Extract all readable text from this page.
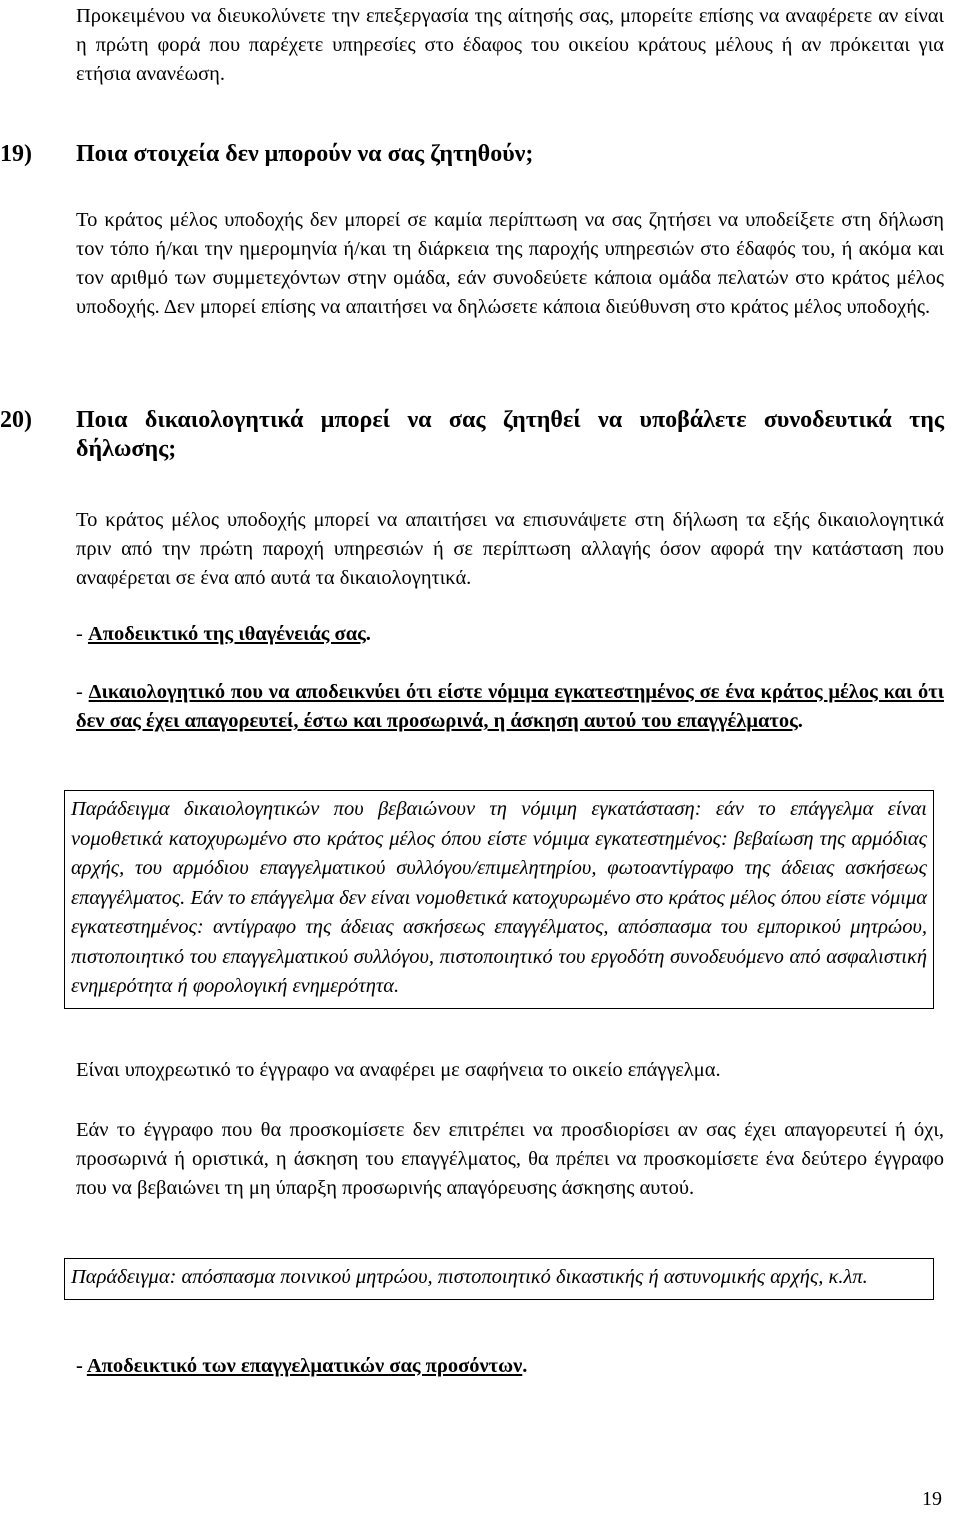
Προκειμένου να διευκολύνετε την επεξεργασία της αίτησής σας, μπορείτε επίσης να αναφέρετε αν είναι η πρώτη φορά που παρέχετε υπηρεσίες στο έδαφος του οικείου κράτους μέλους ή αν πρόκειται για ετήσια ανανέωση.

19)	Ποια στοιχεία δεν μπορούν να σας ζητηθούν;

Το κράτος μέλος υποδοχής δεν μπορεί σε καμία περίπτωση να σας ζητήσει να υποδείξετε στη δήλωση τον τόπο ή/και την ημερομηνία ή/και τη διάρκεια της παροχής υπηρεσιών στο έδαφός του, ή ακόμα και τον αριθμό των συμμετεχόντων στην ομάδα, εάν συνοδεύετε κάποια ομάδα πελατών στο κράτος μέλος υποδοχής. Δεν μπορεί επίσης να απαιτήσει να δηλώσετε κάποια διεύθυνση στο κράτος μέλος υποδοχής.

20)	Ποια δικαιολογητικά μπορεί να σας ζητηθεί να υποβάλετε συνοδευτικά της δήλωσης;

Το κράτος μέλος υποδοχής μπορεί να απαιτήσει να επισυνάψετε στη δήλωση τα εξής δικαιολογητικά πριν από την πρώτη παροχή υπηρεσιών ή σε περίπτωση αλλαγής όσον αφορά την κατάσταση που αναφέρεται σε ένα από αυτά τα δικαιολογητικά.

- Αποδεικτικό της ιθαγένειάς σας.

- Δικαιολογητικό που να αποδεικνύει ότι είστε νόμιμα εγκατεστημένος σε ένα κράτος μέλος και ότι δεν σας έχει απαγορευτεί, έστω και προσωρινά, η άσκηση αυτού του επαγγέλματος.

Παράδειγμα δικαιολογητικών που βεβαιώνουν τη νόμιμη εγκατάσταση: εάν το επάγγελμα είναι νομοθετικά κατοχυρωμένο στο κράτος μέλος όπου είστε νόμιμα εγκατεστημένος: βεβαίωση της αρμόδιας αρχής, του αρμόδιου επαγγελματικού συλλόγου/επιμελητηρίου, φωτοαντίγραφο της άδειας ασκήσεως επαγγέλματος. Εάν το επάγγελμα δεν είναι νομοθετικά κατοχυρωμένο στο κράτος μέλος όπου είστε νόμιμα εγκατεστημένος: αντίγραφο της άδειας ασκήσεως επαγγέλματος, απόσπασμα του εμπορικού μητρώου, πιστοποιητικό του επαγγελματικού συλλόγου, πιστοποιητικό του εργοδότη συνοδευόμενο από ασφαλιστική ενημερότητα ή φορολογική ενημερότητα.

Είναι υποχρεωτικό το έγγραφο να αναφέρει με σαφήνεια το οικείο επάγγελμα.

Εάν το έγγραφο που θα προσκομίσετε δεν επιτρέπει να προσδιορίσει αν σας έχει απαγορευτεί ή όχι, προσωρινά ή οριστικά, η άσκηση του επαγγέλματος, θα πρέπει να προσκομίσετε ένα δεύτερο έγγραφο που να βεβαιώνει τη μη ύπαρξη προσωρινής απαγόρευσης άσκησης αυτού.

Παράδειγμα: απόσπασμα ποινικού μητρώου, πιστοποιητικό δικαστικής ή αστυνομικής αρχής, κ.λπ.

- Αποδεικτικό των επαγγελματικών σας προσόντων.

19
